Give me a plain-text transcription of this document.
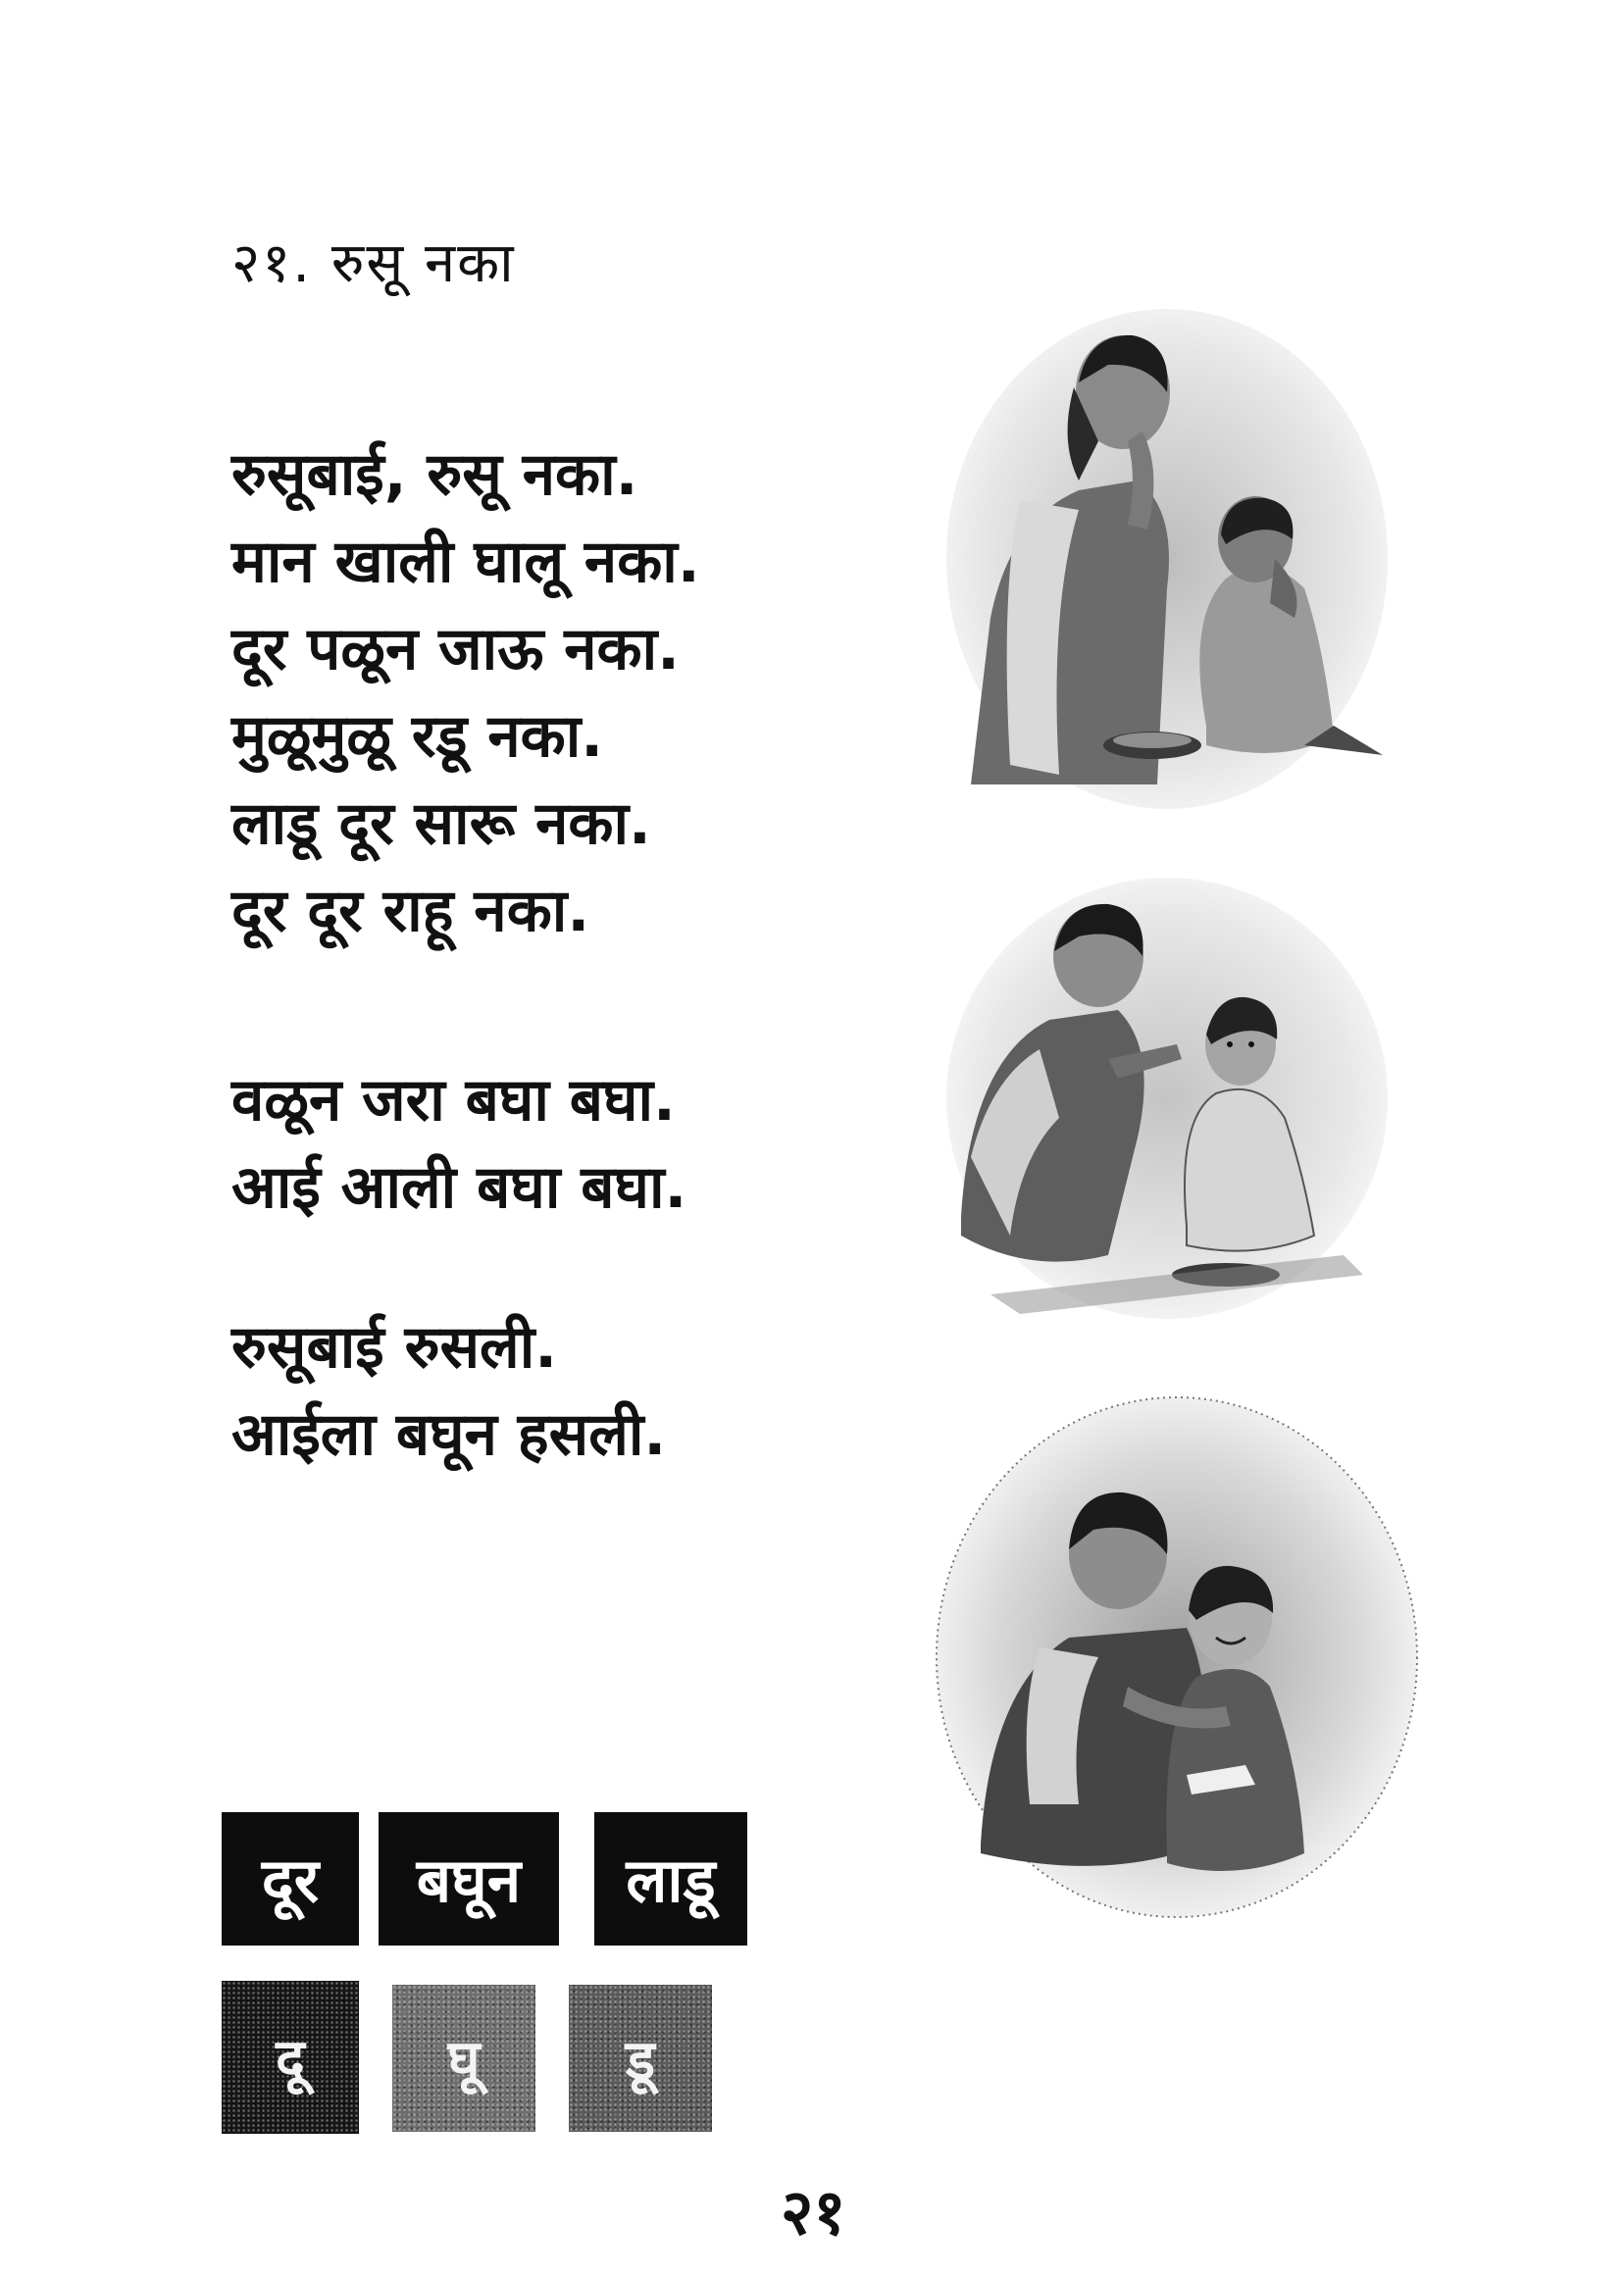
२१. रुसू नका
रुसूबाई, रुसू नका.
मान खाली घालू नका.
दूर पळून जाऊ नका.
मुळूमुळू रडू नका.
लाडू दूर सारू नका.
दूर दूर राहू नका.
वळून जरा बघा बघा.
आई आली बघा बघा.
रुसूबाई रुसली.
आईला बघून हसली.
दूर	बघून	लाडू
दू	घू	डू
२१
